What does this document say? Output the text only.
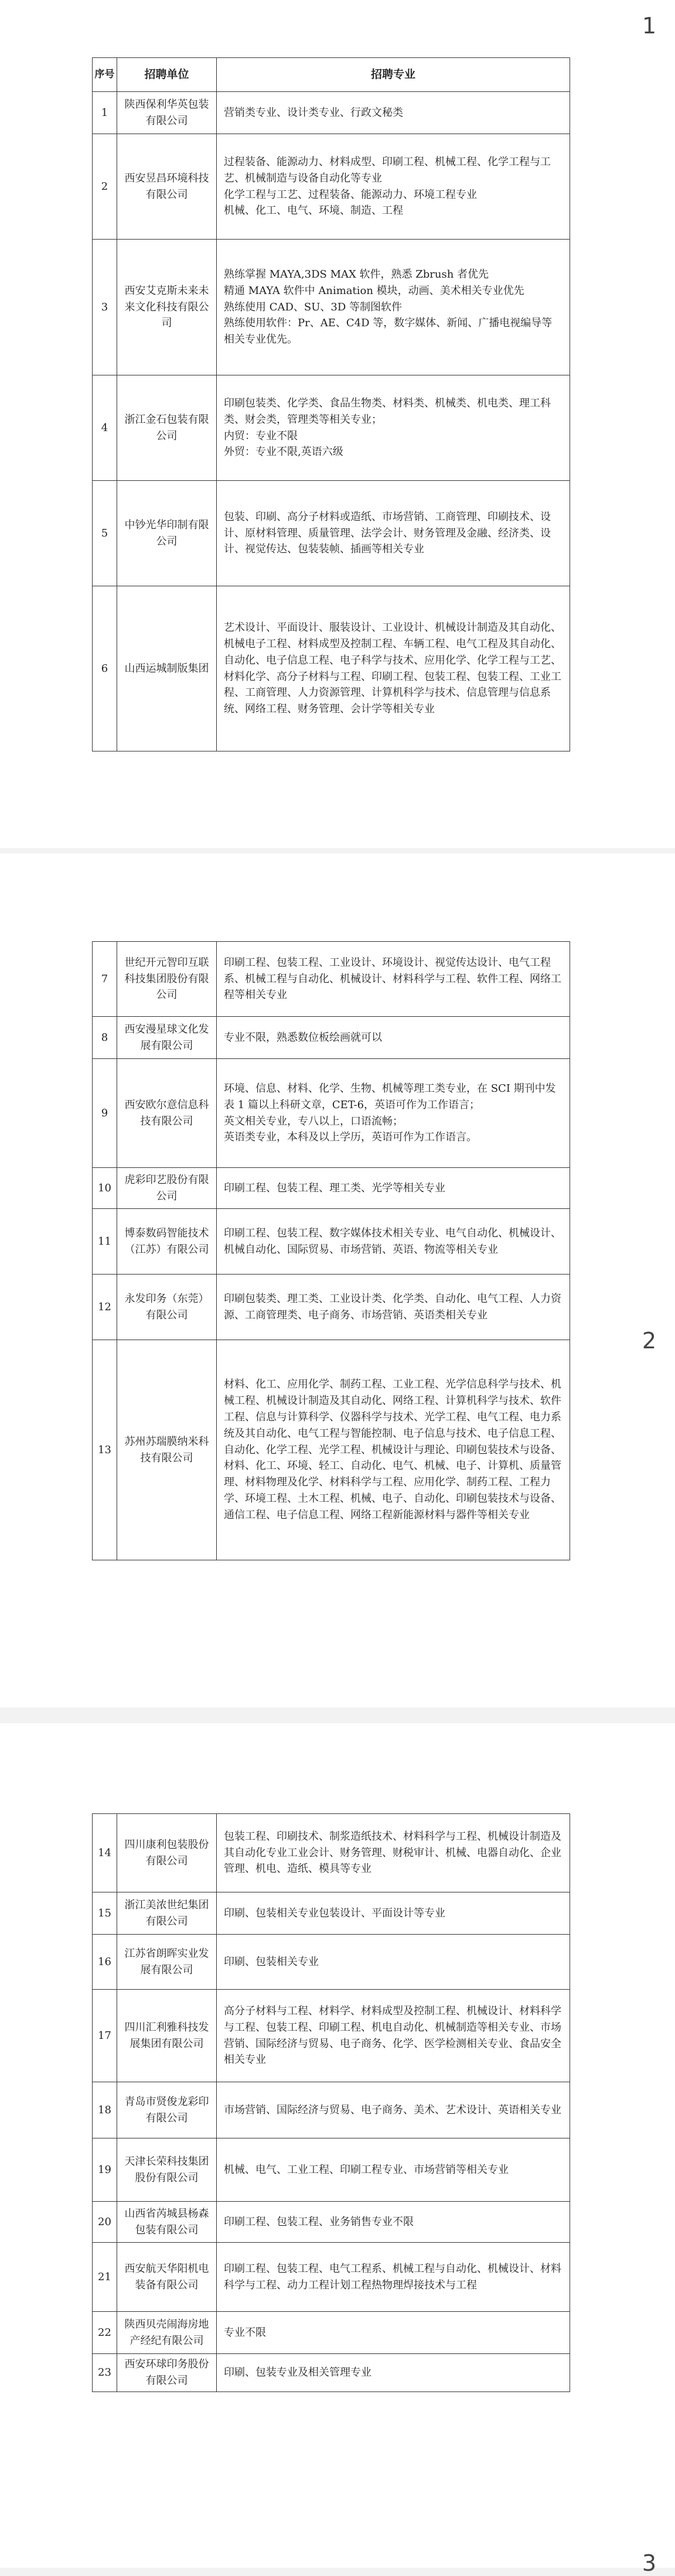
1
序号	招聘单位	招聘专业
1	陕西保利华英包装有限公司	营销类专业、设计类专业、行政文秘类

2	西安昱昌环境科技有限公司	过程装备、能源动力、材料成型、印刷工程、机械工程、化学工程与工艺、机械制造与设备自动化等专业
化学工程与工艺、过程装备、能源动力、环境工程专业
机械、化工、电气、环境、制造、工程

3	西安艾克斯未来未来文化科技有限公司	熟练掌握 MAYA,3DS MAX 软件，熟悉 Zbrush 者优先
精通 MAYA 软件中 Animation 模块，动画、美术相关专业优先
熟练使用 CAD、SU、3D 等制图软件
熟练使用软件：Pr、AE、C4D 等，数字媒体、新闻、广播电视编导等相关专业优先。

4	浙江金石包装有限公司	印刷包装类、化学类、食品生物类、材料类、机械类、机电类、理工科类、财会类，管理类等相关专业；
内贸：专业不限
外贸：专业不限,英语六级

5	中钞光华印制有限公司	包装、印刷、高分子材料或造纸、市场营销、工商管理、印刷技术、设计、原材料管理、质量管理、法学会计、财务管理及金融、经济类、设计、视觉传达、包装装帧、插画等相关专业

6	山西运城制版集团	艺术设计、平面设计、服装设计、工业设计、机械设计制造及其自动化、机械电子工程、材料成型及控制工程、车辆工程、电气工程及其自动化、自动化、电子信息工程、电子科学与技术、应用化学、化学工程与工艺、材料化学、高分子材料与工程、印刷工程、包装工程、包装工程、工业工程、工商管理、人力资源管理、计算机科学与技术、信息管理与信息系统、网络工程、财务管理、会计学等相关专业
2
7	世纪开元智印互联科技集团股份有限公司	印刷工程、包装工程、工业设计、环境设计、视觉传达设计、电气工程系、机械工程与自动化、机械设计、材料科学与工程、软件工程、网络工程等相关专业

8	西安漫星球文化发展有限公司	专业不限，熟悉数位板绘画就可以

9	西安欧尔意信息科技有限公司	环境、信息、材料、化学、生物、机械等理工类专业，在 SCI 期刊中发表 1 篇以上科研文章，CET-6，英语可作为工作语言；
英文相关专业，专八以上，口语流畅；
英语类专业，本科及以上学历，英语可作为工作语言。

10	虎彩印艺股份有限公司	印刷工程、包装工程、理工类、光学等相关专业

11	博泰数码智能技术（江苏）有限公司	印刷工程、包装工程、数字媒体技术相关专业、电气自动化、机械设计、机械自动化、国际贸易、市场营销、英语、物流等相关专业

12	永发印务（东莞）有限公司	印刷包装类、理工类、工业设计类、化学类、自动化、电气工程、人力资源、工商管理类、电子商务、市场营销、英语类相关专业

13	苏州苏瑞膜纳米科技有限公司	材料、化工、应用化学、制药工程、工业工程、光学信息科学与技术、机械工程、机械设计制造及其自动化、网络工程、计算机科学与技术、软件工程、信息与计算科学、仪器科学与技术、光学工程、电气工程、电力系统及其自动化、电气工程与智能控制、电子信息与技术、电子信息工程、自动化、化学工程、光学工程、机械设计与理论、印刷包装技术与设备、材料、化工、环境、轻工、自动化、电气、机械、电子、计算机、质量管理、材料物理及化学、材料科学与工程、应用化学、制药工程、工程力学、环境工程、土木工程、机械、电子、自动化、印刷包装技术与设备、通信工程、电子信息工程、网络工程新能源材料与器件等相关专业
3
14	四川康利包装股份有限公司	包装工程、印刷技术、制浆造纸技术、材料科学与工程、机械设计制造及其自动化专业工业会计、财务管理、财税审计、机械、电器自动化、企业管理、机电、造纸、模具等专业

15	浙江美浓世纪集团有限公司	印刷、包装相关专业包装设计、平面设计等专业

16	江苏省朗晖实业发展有限公司	印刷、包装相关专业

17	四川汇利雅科技发展集团有限公司	高分子材料与工程、材料学、材料成型及控制工程、机械设计、材料科学与工程、包装工程、印刷工程、机电自动化、机械制造等相关专业、市场营销、国际经济与贸易、电子商务、化学、医学检测相关专业、食品安全相关专业

18	青岛市贤俊龙彩印有限公司	市场营销、国际经济与贸易、电子商务、美术、艺术设计、英语相关专业

19	天津长荣科技集团股份有限公司	机械、电气、工业工程、印刷工程专业、市场营销等相关专业

20	山西省芮城县杨森包装有限公司	印刷工程、包装工程、业务销售专业不限

21	西安航天华阳机电装备有限公司	印刷工程、包装工程、电气工程系、机械工程与自动化、机械设计、材料科学与工程、动力工程计划工程热物理焊接技术与工程

22	陕西贝壳闹海房地产经纪有限公司	专业不限

23	西安环球印务股份有限公司	印刷、包装专业及相关管理专业
